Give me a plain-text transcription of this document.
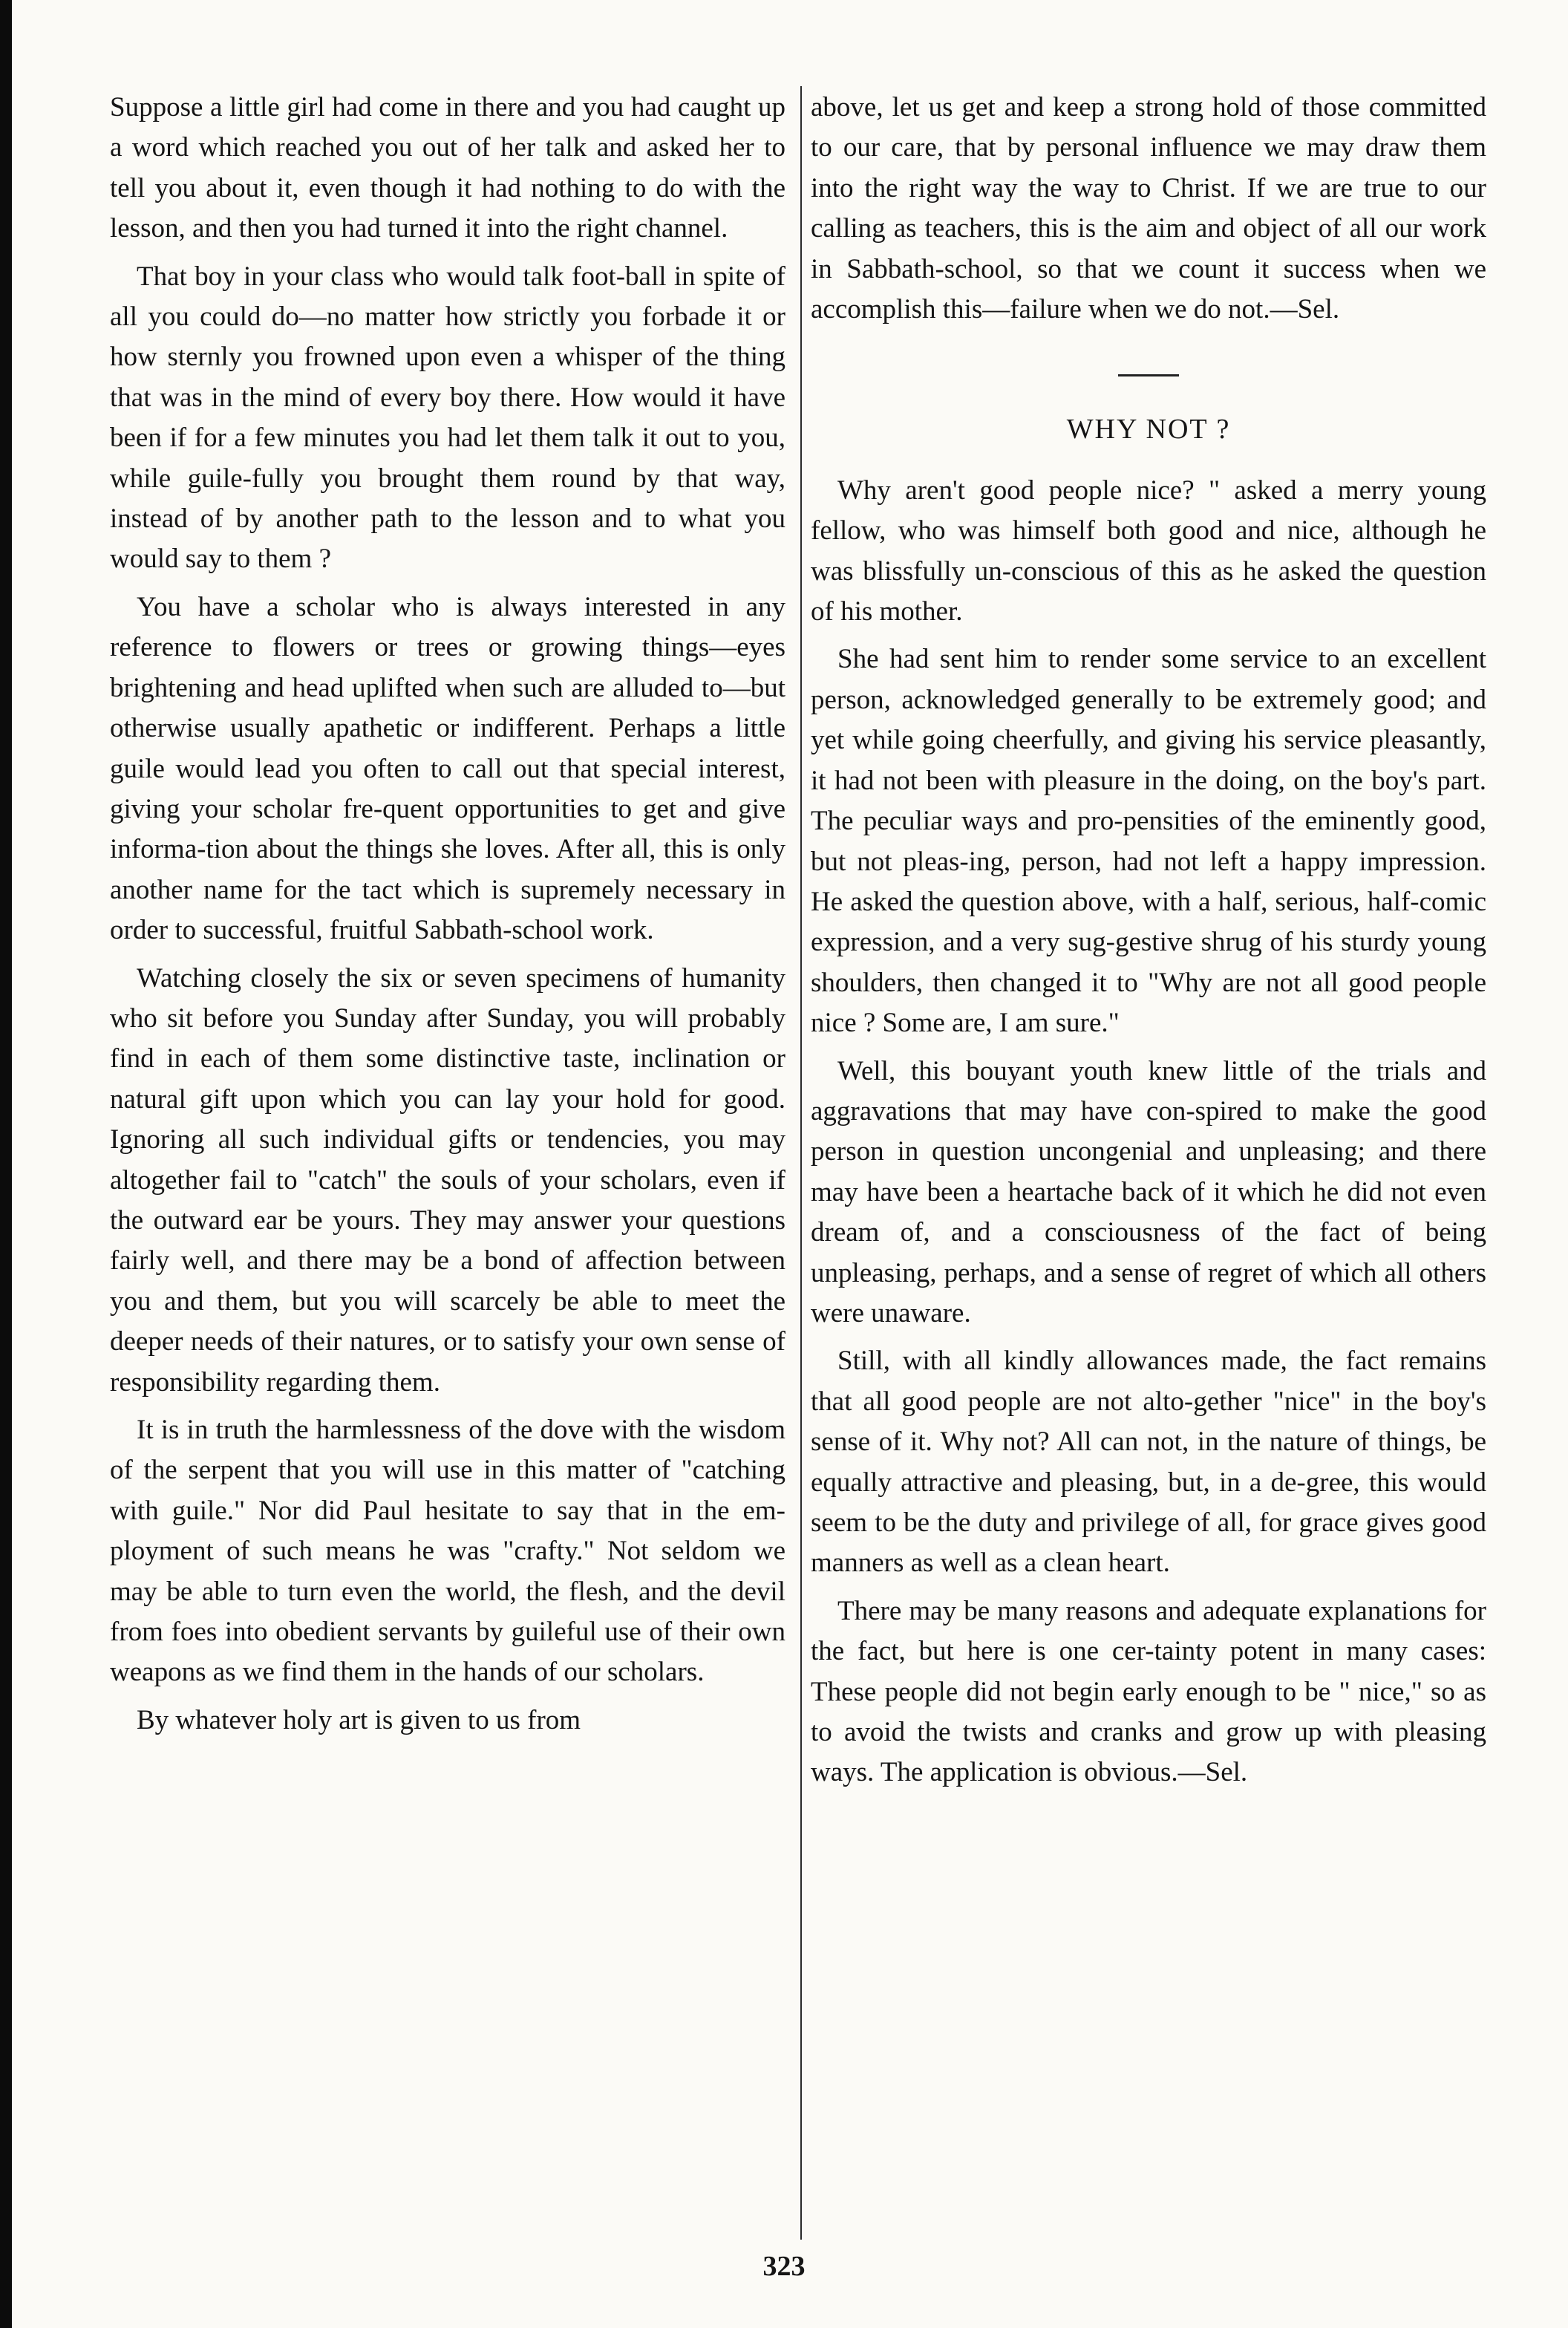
Suppose a little girl had come in there and you had caught up a word which reached you out of her talk and asked her to tell you about it, even though it had nothing to do with the lesson, and then you had turned it into the right channel.

That boy in your class who would talk foot-ball in spite of all you could do—no matter how strictly you forbade it or how sternly you frowned upon even a whisper of the thing that was in the mind of every boy there. How would it have been if for a few minutes you had let them talk it out to you, while guile-fully you brought them round by that way, instead of by another path to the lesson and to what you would say to them ?

You have a scholar who is always interested in any reference to flowers or trees or growing things—eyes brightening and head uplifted when such are alluded to—but otherwise usually apathetic or indifferent. Perhaps a little guile would lead you often to call out that special interest, giving your scholar fre-quent opportunities to get and give informa-tion about the things she loves. After all, this is only another name for the tact which is supremely necessary in order to successful, fruitful Sabbath-school work.

Watching closely the six or seven specimens of humanity who sit before you Sunday after Sunday, you will probably find in each of them some distinctive taste, inclination or natural gift upon which you can lay your hold for good. Ignoring all such individual gifts or tendencies, you may altogether fail to "catch" the souls of your scholars, even if the outward ear be yours. They may answer your questions fairly well, and there may be a bond of affection between you and them, but you will scarcely be able to meet the deeper needs of their natures, or to satisfy your own sense of responsibility regarding them.

It is in truth the harmlessness of the dove with the wisdom of the serpent that you will use in this matter of "catching with guile." Nor did Paul hesitate to say that in the em-ployment of such means he was "crafty." Not seldom we may be able to turn even the world, the flesh, and the devil from foes into obedient servants by guileful use of their own weapons as we find them in the hands of our scholars.

By whatever holy art is given to us from

above, let us get and keep a strong hold of those committed to our care, that by personal influence we may draw them into the right way the way to Christ. If we are true to our calling as teachers, this is the aim and object of all our work in Sabbath-school, so that we count it success when we accomplish this—failure when we do not.—Sel.

WHY NOT ?

Why aren't good people nice? " asked a merry young fellow, who was himself both good and nice, although he was blissfully un-conscious of this as he asked the question of his mother.

She had sent him to render some service to an excellent person, acknowledged generally to be extremely good; and yet while going cheerfully, and giving his service pleasantly, it had not been with pleasure in the doing, on the boy's part. The peculiar ways and pro-pensities of the eminently good, but not pleas-ing, person, had not left a happy impression. He asked the question above, with a half, serious, half-comic expression, and a very sug-gestive shrug of his sturdy young shoulders, then changed it to "Why are not all good people nice ? Some are, I am sure."

Well, this bouyant youth knew little of the trials and aggravations that may have con-spired to make the good person in question uncongenial and unpleasing; and there may have been a heartache back of it which he did not even dream of, and a consciousness of the fact of being unpleasing, perhaps, and a sense of regret of which all others were unaware.

Still, with all kindly allowances made, the fact remains that all good people are not alto-gether "nice" in the boy's sense of it. Why not? All can not, in the nature of things, be equally attractive and pleasing, but, in a de-gree, this would seem to be the duty and privilege of all, for grace gives good manners as well as a clean heart.

There may be many reasons and adequate explanations for the fact, but here is one cer-tainty potent in many cases: These people did not begin early enough to be " nice," so as to avoid the twists and cranks and grow up with pleasing ways. The application is obvious.—Sel.

323
